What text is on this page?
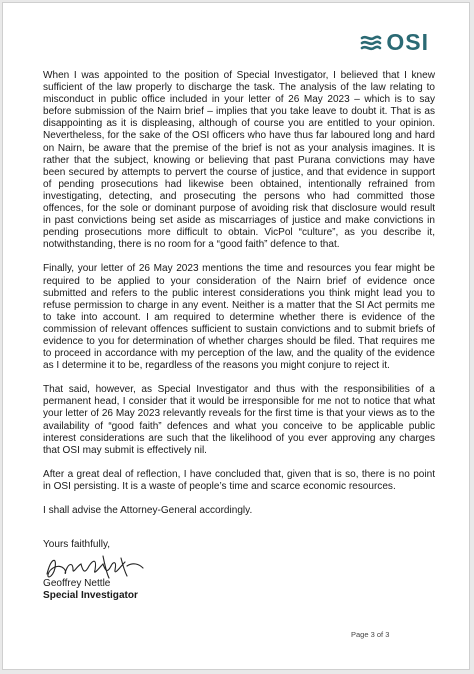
OSI

When I was appointed to the position of Special Investigator, I believed that I knew sufficient of the law properly to discharge the task. The analysis of the law relating to misconduct in public office included in your letter of 26 May 2023 – which is to say before submission of the Nairn brief – implies that you take leave to doubt it. That is as disappointing as it is displeasing, although of course you are entitled to your opinion. Nevertheless, for the sake of the OSI officers who have thus far laboured long and hard on Nairn, be aware that the premise of the brief is not as your analysis imagines. It is rather that the subject, knowing or believing that past Purana convictions may have been secured by attempts to pervert the course of justice, and that evidence in support of pending prosecutions had likewise been obtained, intentionally refrained from investigating, detecting, and prosecuting the persons who had committed those offences, for the sole or dominant purpose of avoiding risk that disclosure would result in past convictions being set aside as miscarriages of justice and make convictions in pending prosecutions more difficult to obtain. VicPol “culture”, as you describe it, notwithstanding, there is no room for a “good faith” defence to that.

Finally, your letter of 26 May 2023 mentions the time and resources you fear might be required to be applied to your consideration of the Nairn brief of evidence once submitted and refers to the public interest considerations you think might lead you to refuse permission to charge in any event. Neither is a matter that the SI Act permits me to take into account. I am required to determine whether there is evidence of the commission of relevant offences sufficient to sustain convictions and to submit briefs of evidence to you for determination of whether charges should be filed. That requires me to proceed in accordance with my perception of the law, and the quality of the evidence as I determine it to be, regardless of the reasons you might conjure to reject it.

That said, however, as Special Investigator and thus with the responsibilities of a permanent head, I consider that it would be irresponsible for me not to notice that what your letter of 26 May 2023 relevantly reveals for the first time is that your views as to the availability of “good faith” defences and what you conceive to be applicable public interest considerations are such that the likelihood of you ever approving any charges that OSI may submit is effectively nil.

After a great deal of reflection, I have concluded that, given that is so, there is no point in OSI persisting. It is a waste of people’s time and scarce economic resources.

I shall advise the Attorney-General accordingly.

Yours faithfully,
Geoffrey Nettle
Special Investigator
Page 3 of 3
